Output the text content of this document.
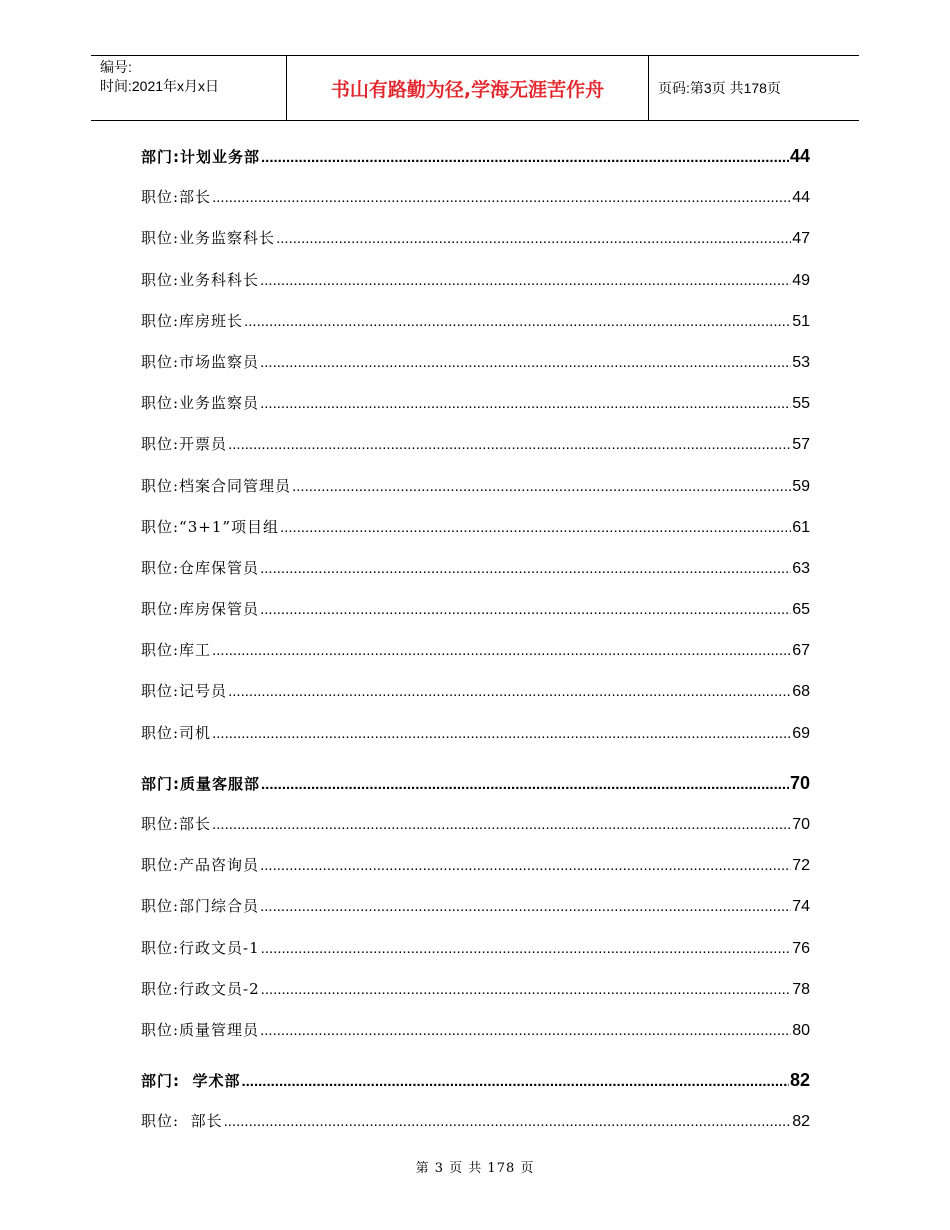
编号:
时间:2021年x月x日	书山有路勤为径,学海无涯苦作舟	页码:第3页 共178页
部门:计划业务部 .....	44
职位:部长 .....	44
职位:业务监察科长 .....	47
职位:业务科科长 .....	49
职位:库房班长 .....	51
职位:市场监察员 .....	53
职位:业务监察员 .....	55
职位:开票员 .....	57
职位:档案合同管理员 .....	59
职位:“3+1”项目组 .....	61
职位:仓库保管员 .....	63
职位:库房保管员 .....	65
职位:库工 .....	67
职位:记号员 .....	68
职位:司机 .....	69
部门:质量客服部 .....	70
职位:部长 .....	70
职位:产品咨询员 .....	72
职位:部门综合员 .....	74
职位:行政文员-1 .....	76
职位:行政文员-2 .....	78
职位:质量管理员 .....	80
部门:  学术部 .....	82
职位:  部长 .....	82
第 3 页 共 178 页
